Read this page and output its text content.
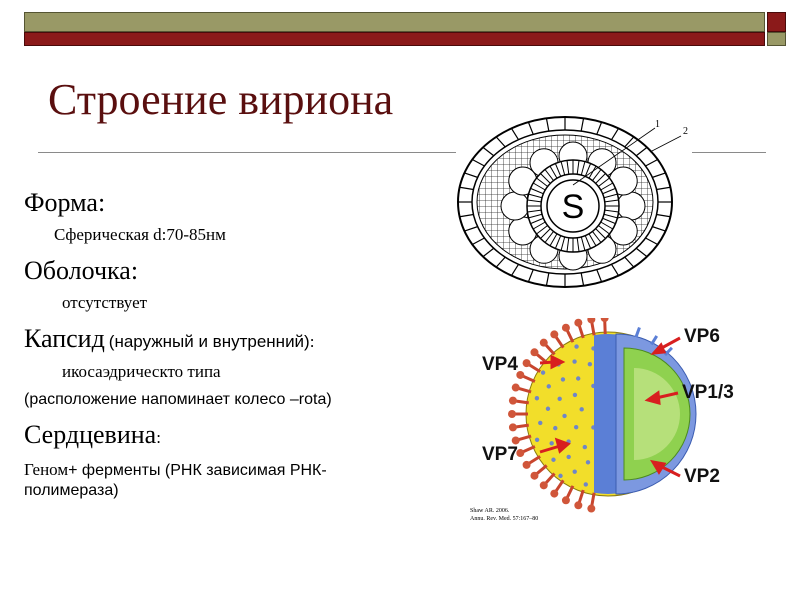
Строение вириона
Форма:
Сферическая d:70-85нм
Оболочка:
отсутствует
Капсид (наружный и внутренний):
икосаэдрическто типа
(расположение напоминает колесо –rota)
Сердцевина:
Геном+ ферменты (РНК зависимая РНК-
полимераза)
S
1
2
VP6
VP4
VP1/3
VP7
VP2
Shaw AR. 2006.
Annu. Rev. Med. 57:167–80
